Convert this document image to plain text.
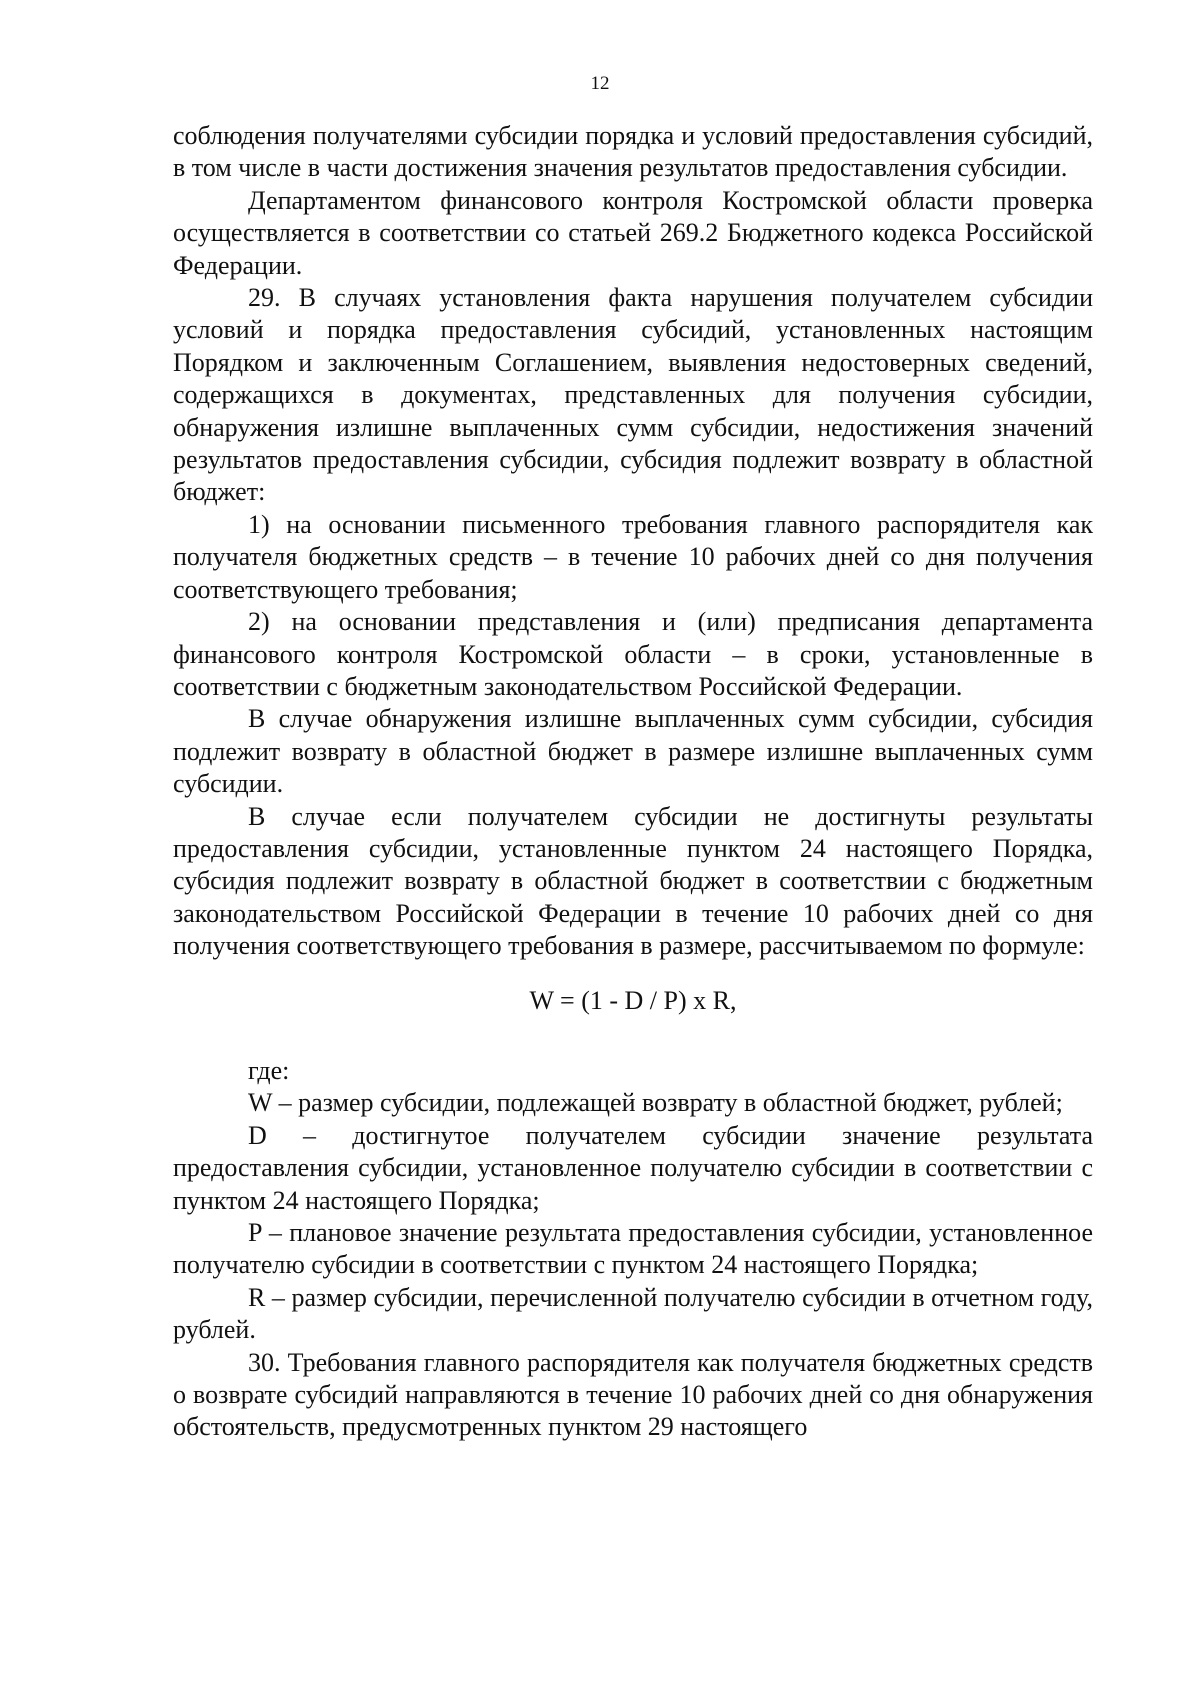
12

соблюдения получателями субсидии порядка и условий предоставления субсидий, в том числе в части достижения значения результатов предоставления субсидии.

Департаментом финансового контроля Костромской области проверка осуществляется в соответствии со статьей 269.2 Бюджетного кодекса Российской Федерации.

29. В случаях установления факта нарушения получателем субсидии условий и порядка предоставления субсидий, установленных настоящим Порядком и заключенным Соглашением, выявления недостоверных сведений, содержащихся в документах, представленных для получения субсидии, обнаружения излишне выплаченных сумм субсидии, недостижения значений результатов предоставления субсидии, субсидия подлежит возврату в областной бюджет:

1) на основании письменного требования главного распорядителя как получателя бюджетных средств – в течение 10 рабочих дней со дня получения соответствующего требования;

2) на основании представления и (или) предписания департамента финансового контроля Костромской области – в сроки, установленные в соответствии с бюджетным законодательством Российской Федерации.

В случае обнаружения излишне выплаченных сумм субсидии, субсидия подлежит возврату в областной бюджет в размере излишне выплаченных сумм субсидии.

В случае если получателем субсидии не достигнуты результаты предоставления субсидии, установленные пунктом 24 настоящего Порядка, субсидия подлежит возврату в областной бюджет в соответствии с бюджетным законодательством Российской Федерации в течение 10 рабочих дней со дня получения соответствующего требования в размере, рассчитываемом по формуле:

W = (1 - D / P) x R,

где:

W – размер субсидии, подлежащей возврату в областной бюджет, рублей;

D – достигнутое получателем субсидии значение результата предоставления субсидии, установленное получателю субсидии в соответствии с пунктом 24 настоящего Порядка;

P – плановое значение результата предоставления субсидии, установленное получателю субсидии в соответствии с пунктом 24 настоящего Порядка;

R – размер субсидии, перечисленной получателю субсидии в отчетном году, рублей.

30. Требования главного распорядителя как получателя бюджетных средств о возврате субсидий направляются в течение 10 рабочих дней со дня обнаружения обстоятельств, предусмотренных пунктом 29 настоящего
